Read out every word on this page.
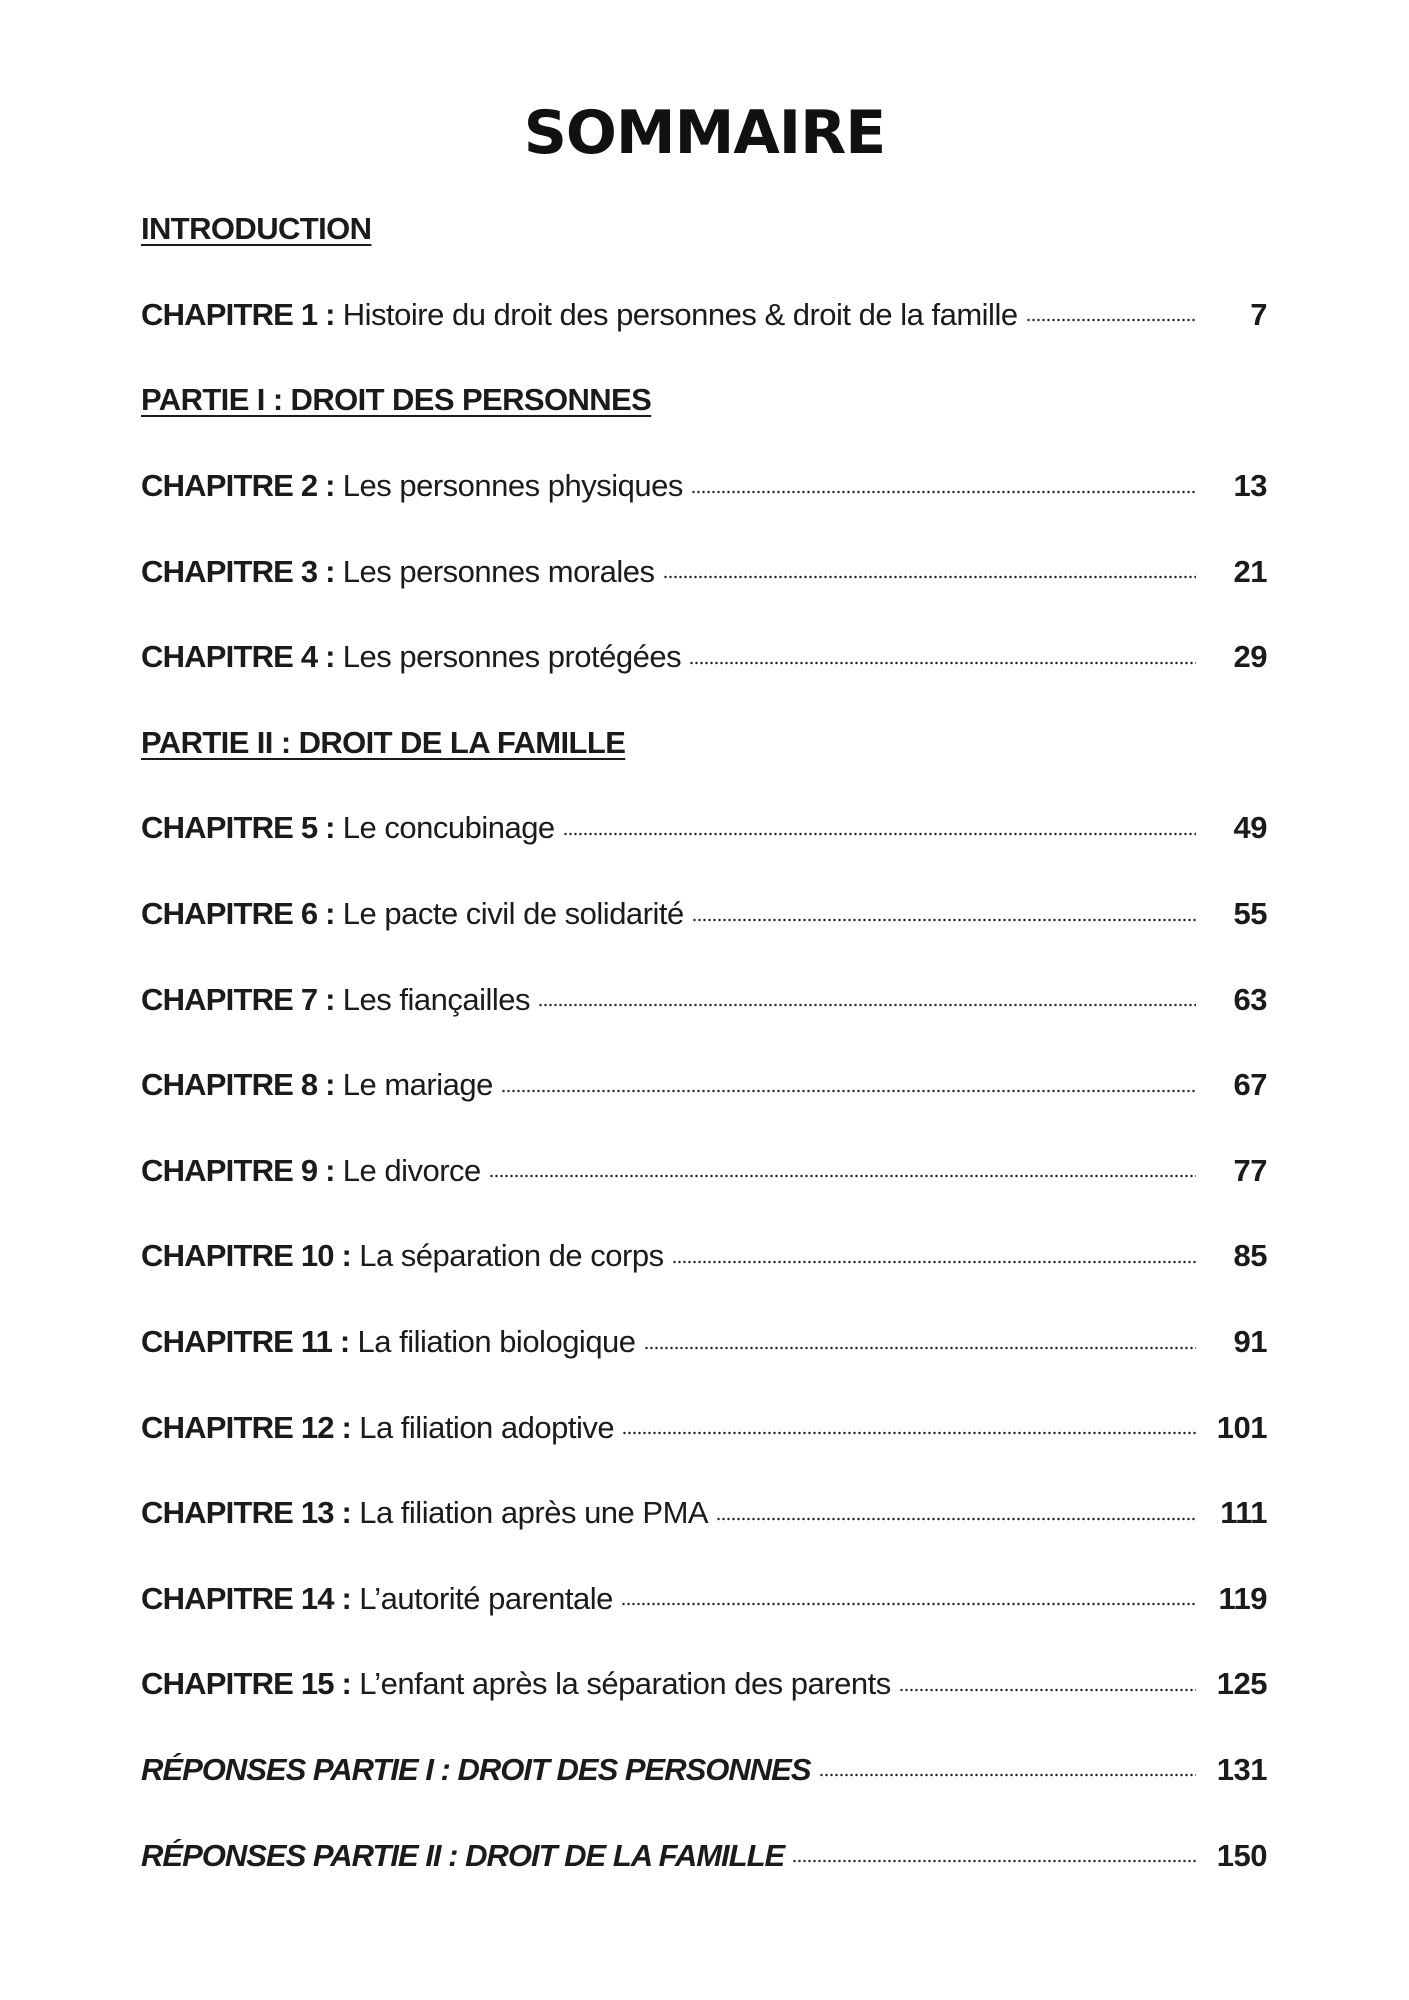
SOMMAIRE
INTRODUCTION
CHAPITRE 1 : Histoire du droit des personnes & droit de la famille	7
PARTIE I : DROIT DES PERSONNES
CHAPITRE 2 : Les personnes physiques	13
CHAPITRE 3 : Les personnes morales	21
CHAPITRE 4 : Les personnes protégées	29
PARTIE II : DROIT DE LA FAMILLE
CHAPITRE 5 : Le concubinage	49
CHAPITRE 6 : Le pacte civil de solidarité	55
CHAPITRE 7 : Les fiançailles	63
CHAPITRE 8 : Le mariage	67
CHAPITRE 9 : Le divorce	77
CHAPITRE 10 : La séparation de corps	85
CHAPITRE 11 : La filiation biologique	91
CHAPITRE 12 : La filiation adoptive	101
CHAPITRE 13 : La filiation après une PMA	111
CHAPITRE 14 : L’autorité parentale	119
CHAPITRE 15 : L’enfant après la séparation des parents	125
RÉPONSES PARTIE I : DROIT DES PERSONNES	131
RÉPONSES PARTIE II : DROIT DE LA FAMILLE	150
